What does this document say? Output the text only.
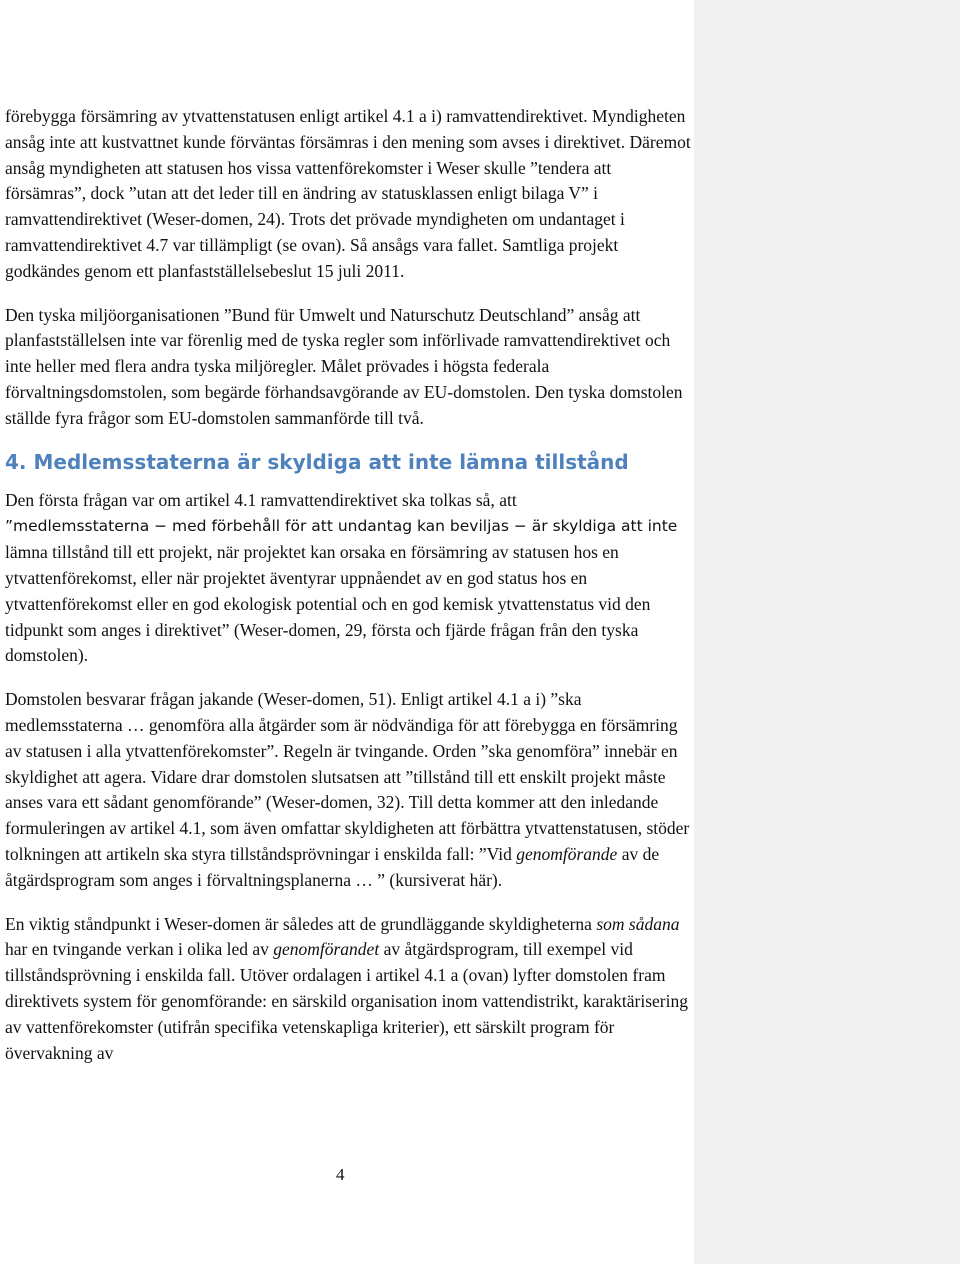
förebygga försämring av ytvattenstatusen enligt artikel 4.1 a i) ramvattendirektivet. Myndigheten ansåg inte att kustvattnet kunde förväntas försämras i den mening som avses i direktivet. Däremot ansåg myndigheten att statusen hos vissa vattenförekomster i Weser skulle ”tendera att försämras”, dock ”utan att det leder till en ändring av statusklassen enligt bilaga V” i ramvattendirektivet (Weser-domen, 24). Trots det prövade myndigheten om undantaget i ramvattendirektivet 4.7 var tillämpligt (se ovan). Så ansågs vara fallet. Samtliga projekt godkändes genom ett planfastställelsebeslut 15 juli 2011.

Den tyska miljöorganisationen ”Bund für Umwelt und Naturschutz Deutschland” ansåg att planfastställelsen inte var förenlig med de tyska regler som införlivade ramvattendirektivet och inte heller med flera andra tyska miljöregler. Målet prövades i högsta federala förvaltningsdomstolen, som begärde förhandsavgörande av EU-domstolen. Den tyska domstolen ställde fyra frågor som EU-domstolen sammanförde till två.

4. Medlemsstaterna är skyldiga att inte lämna tillstånd

Den första frågan var om artikel 4.1 ramvattendirektivet ska tolkas så, att
”medlemsstaterna − med förbehåll för att undantag kan beviljas − är skyldiga att inte
lämna tillstånd till ett projekt, när projektet kan orsaka en försämring av statusen hos en ytvattenförekomst, eller när projektet äventyrar uppnåendet av en god status hos en ytvattenförekomst eller en god ekologisk potential och en god kemisk ytvattenstatus vid den tidpunkt som anges i direktivet” (Weser-domen, 29, första och fjärde frågan från den tyska domstolen).

Domstolen besvarar frågan jakande (Weser-domen, 51). Enligt artikel 4.1 a i) ”ska medlemsstaterna … genomföra alla åtgärder som är nödvändiga för att förebygga en försämring av statusen i alla ytvattenförekomster”. Regeln är tvingande. Orden ”ska genomföra” innebär en skyldighet att agera. Vidare drar domstolen slutsatsen att ”tillstånd till ett enskilt projekt måste anses vara ett sådant genomförande” (Weser-domen, 32). Till detta kommer att den inledande formuleringen av artikel 4.1, som även omfattar skyldigheten att förbättra ytvattenstatusen, stöder tolkningen att artikeln ska styra tillståndsprövningar i enskilda fall: ”Vid genomförande av de åtgärdsprogram som anges i förvaltningsplanerna … ” (kursiverat här).

En viktig ståndpunkt i Weser-domen är således att de grundläggande skyldigheterna som sådana har en tvingande verkan i olika led av genomförandet av åtgärdsprogram, till exempel vid tillståndsprövning i enskilda fall. Utöver ordalagen i artikel 4.1 a (ovan) lyfter domstolen fram direktivets system för genomförande: en särskild organisation inom vattendistrikt, karaktärisering av vattenförekomster (utifrån specifika vetenskapliga kriterier), ett särskilt program för övervakning av

4
